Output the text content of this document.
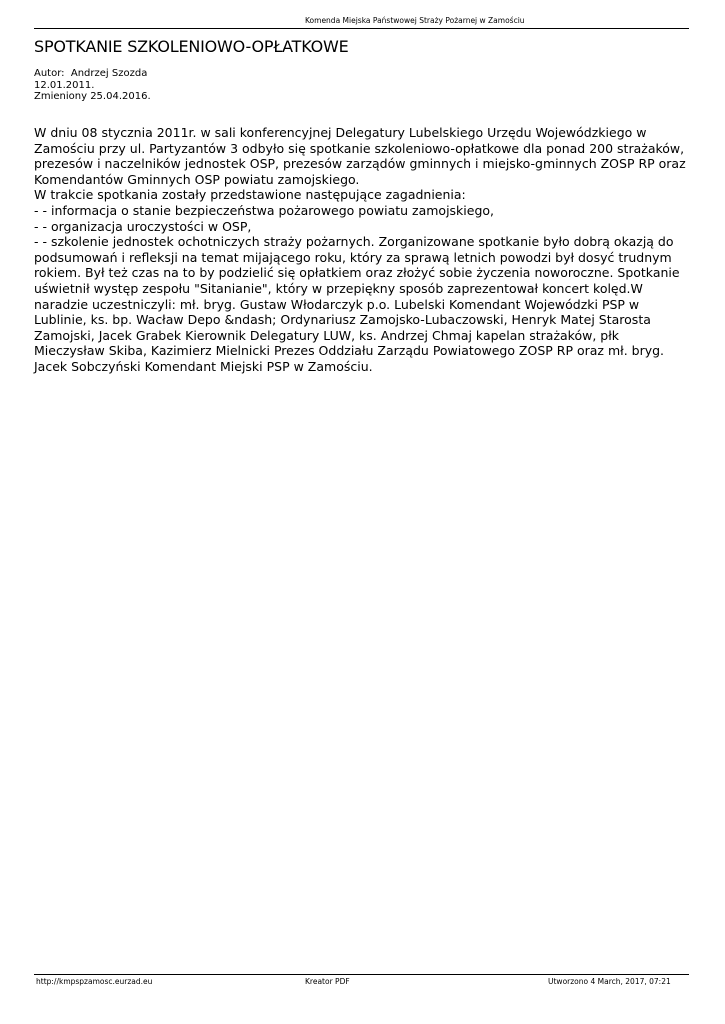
Komenda Miejska Państwowej Straży Pożarnej w Zamościu
SPOTKANIE SZKOLENIOWO-OPŁATKOWE
Autor:  Andrzej Szozda
12.01.2011.
Zmieniony 25.04.2016.
W dniu 08 stycznia 2011r. w sali konferencyjnej Delegatury Lubelskiego Urzędu Wojewódzkiego w
Zamościu przy ul. Partyzantów 3 odbyło się spotkanie szkoleniowo-opłatkowe dla ponad 200 strażaków,
prezesów i naczelników jednostek OSP, prezesów zarządów gminnych i miejsko-gminnych ZOSP RP oraz
Komendantów Gminnych OSP powiatu zamojskiego.
W trakcie spotkania zostały przedstawione następujące zagadnienia:
- - informacja o stanie bezpieczeństwa pożarowego powiatu zamojskiego,
- - organizacja uroczystości w OSP,
- - szkolenie jednostek ochotniczych straży pożarnych. Zorganizowane spotkanie było dobrą okazją do
podsumowań i refleksji na temat mijającego roku, który za sprawą letnich powodzi był dosyć trudnym
rokiem. Był też czas na to by podzielić się opłatkiem oraz złożyć sobie życzenia noworoczne. Spotkanie
uświetnił występ zespołu "Sitanianie", który w przepiękny sposób zaprezentował koncert kolęd.W
naradzie uczestniczyli: mł. bryg. Gustaw Włodarczyk p.o. Lubelski Komendant Wojewódzki PSP w
Lublinie, ks. bp. Wacław Depo &ndash; Ordynariusz Zamojsko-Lubaczowski, Henryk Matej Starosta
Zamojski, Jacek Grabek Kierownik Delegatury LUW, ks. Andrzej Chmaj kapelan strażaków, płk
Mieczysław Skiba, Kazimierz Mielnicki Prezes Oddziału Zarządu Powiatowego ZOSP RP oraz mł. bryg.
Jacek Sobczyński Komendant Miejski PSP w Zamościu.
http://kmpspzamosc.eurzad.eu	Kreator PDF	Utworzono 4 March, 2017, 07:21
